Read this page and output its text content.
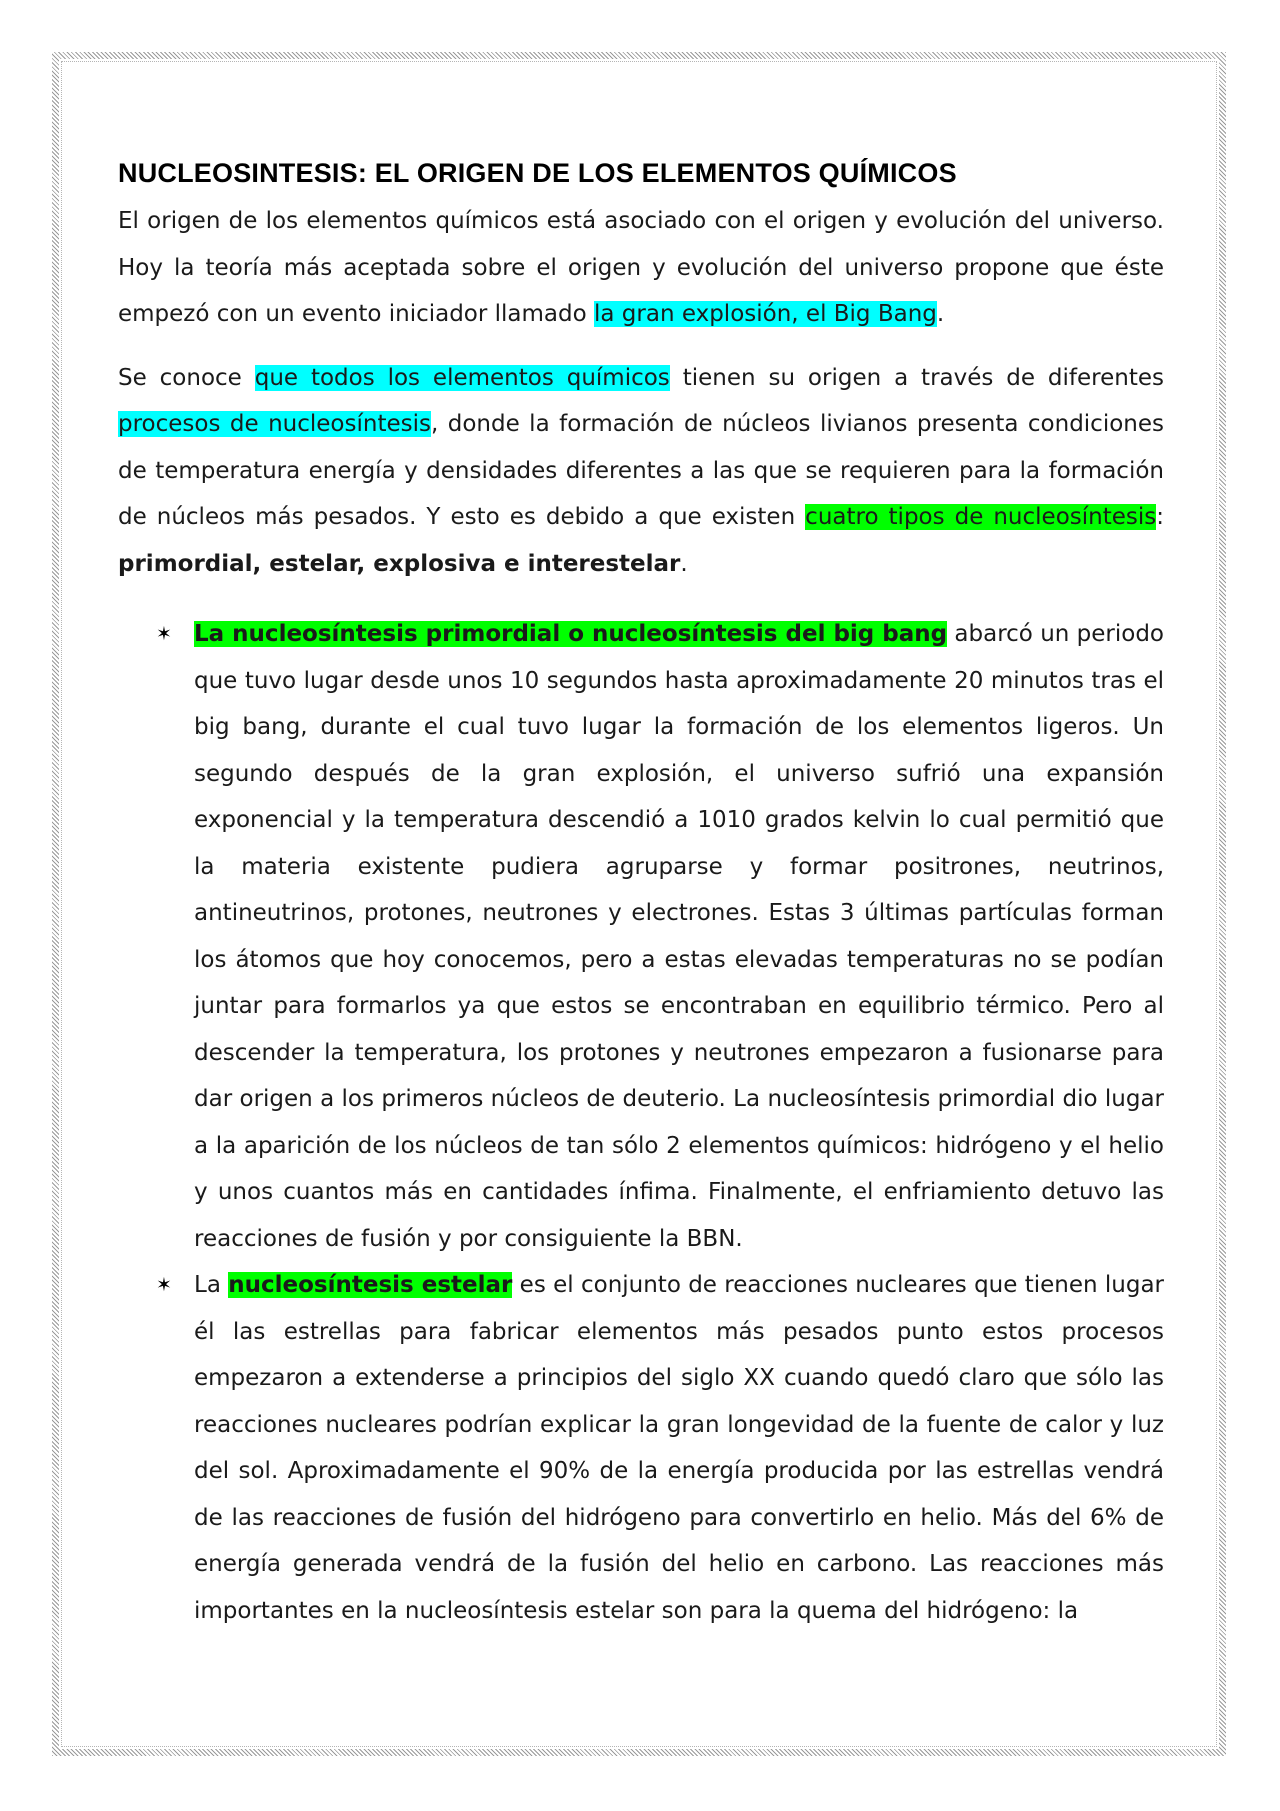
NUCLEOSINTESIS: EL ORIGEN DE LOS ELEMENTOS QUÍMICOS

El origen de los elementos químicos está asociado con el origen y evolución del universo. Hoy la teoría más aceptada sobre el origen y evolución del universo propone que éste empezó con un evento iniciador llamado la gran explosión, el Big Bang.

Se conoce que todos los elementos químicos tienen su origen a través de diferentes procesos de nucleosíntesis, donde la formación de núcleos livianos presenta condiciones de temperatura energía y densidades diferentes a las que se requieren para la formación de núcleos más pesados. Y esto es debido a que existen cuatro tipos de nucleosíntesis: primordial, estelar, explosiva e interestelar.

✶ La nucleosíntesis primordial o nucleosíntesis del big bang abarcó un periodo que tuvo lugar desde unos 10 segundos hasta aproximadamente 20 minutos tras el big bang, durante el cual tuvo lugar la formación de los elementos ligeros. Un segundo después de la gran explosión, el universo sufrió una expansión exponencial y la temperatura descendió a 1010 grados kelvin lo cual permitió que la materia existente pudiera agruparse y formar positrones, neutrinos, antineutrinos, protones, neutrones y electrones. Estas 3 últimas partículas forman los átomos que hoy conocemos, pero a estas elevadas temperaturas no se podían juntar para formarlos ya que estos se encontraban en equilibrio térmico. Pero al descender la temperatura, los protones y neutrones empezaron a fusionarse para dar origen a los primeros núcleos de deuterio. La nucleosíntesis primordial dio lugar a la aparición de los núcleos de tan sólo 2 elementos químicos: hidrógeno y el helio y unos cuantos más en cantidades ínfima. Finalmente, el enfriamiento detuvo las reacciones de fusión y por consiguiente la BBN.
✶ La nucleosíntesis estelar es el conjunto de reacciones nucleares que tienen lugar él las estrellas para fabricar elementos más pesados punto estos procesos empezaron a extenderse a principios del siglo XX cuando quedó claro que sólo las reacciones nucleares podrían explicar la gran longevidad de la fuente de calor y luz del sol. Aproximadamente el 90% de la energía producida por las estrellas vendrá de las reacciones de fusión del hidrógeno para convertirlo en helio. Más del 6% de energía generada vendrá de la fusión del helio en carbono. Las reacciones más importantes en la nucleosíntesis estelar son para la quema del hidrógeno: la
